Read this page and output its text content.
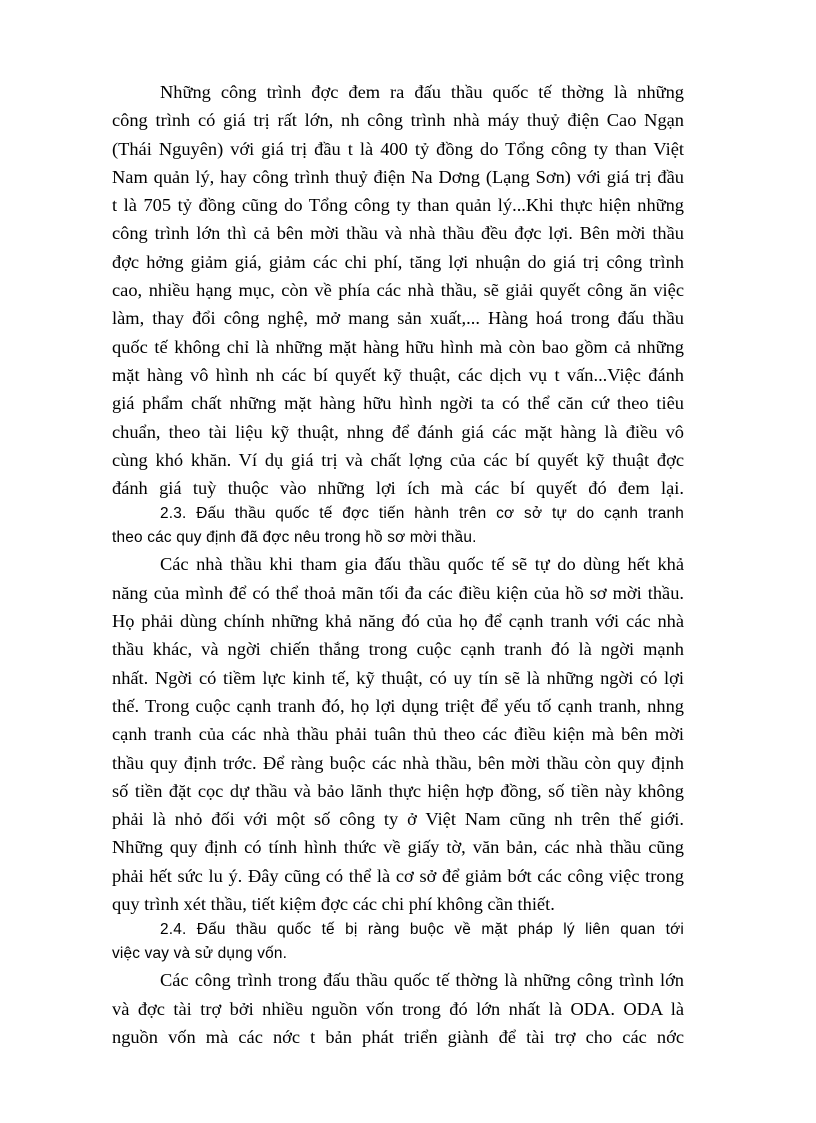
Những công trình đợc đem ra đấu thầu quốc tế thờng là những
công trình có giá trị rất lớn, nh công trình nhà máy thuỷ điện Cao Ngạn
(Thái Nguyên) với giá trị đầu t là 400 tỷ đồng do Tổng công ty than Việt
Nam quản lý, hay công trình thuỷ điện Na Dơng (Lạng Sơn) với giá trị đầu
t là 705 tỷ đồng cũng do Tổng công ty than quản lý...Khi thực hiện những
công trình lớn thì cả bên mời thầu và nhà thầu đều đợc lợi. Bên mời thầu
đợc hởng giảm giá, giảm các chi phí, tăng lợi nhuận do giá trị công trình
cao, nhiều hạng mục, còn về phía các nhà thầu, sẽ giải quyết công ăn việc
làm, thay đổi công nghệ, mở mang sản xuất,... Hàng hoá trong đấu thầu
quốc tế không chỉ là những mặt hàng hữu hình mà còn bao gồm cả những
mặt hàng vô hình nh các bí quyết kỹ thuật, các dịch vụ t vấn...Việc đánh
giá phẩm chất những mặt hàng hữu hình ngời ta có thể căn cứ theo tiêu
chuẩn, theo tài liệu kỹ thuật, nhng để đánh giá các mặt hàng là điều vô
cùng khó khăn. Ví dụ giá trị và chất lợng của các bí quyết kỹ thuật đợc
đánh giá tuỳ thuộc vào những lợi ích mà các bí quyết đó đem lại.
2.3. Đấu thầu quốc tế đợc tiến hành trên cơ sở tự do cạnh tranh
theo các quy định đã đợc nêu trong hồ sơ mời thầu.
Các nhà thầu khi tham gia đấu thầu quốc tế sẽ tự do dùng hết khả
năng của mình để có thể thoả mãn tối đa các điều kiện của hồ sơ mời thầu.
Họ phải dùng chính những khả năng đó của họ để cạnh tranh với các nhà
thầu khác, và ngời chiến thắng trong cuộc cạnh tranh đó là ngời mạnh
nhất. Ngời có tiềm lực kinh tế, kỹ thuật, có uy tín sẽ là những ngời có lợi
thế. Trong cuộc cạnh tranh đó, họ lợi dụng triệt để yếu tố cạnh tranh, nhng
cạnh tranh của các nhà thầu phải tuân thủ theo các điều kiện mà bên mời
thầu quy định trớc. Để ràng buộc các nhà thầu, bên mời thầu còn quy định
số tiền đặt cọc dự thầu và bảo lãnh thực hiện hợp đồng, số tiền này không
phải là nhỏ đối với một số công ty ở Việt Nam cũng nh trên thế giới.
Những quy định có tính hình thức về giấy tờ, văn bản, các nhà thầu cũng
phải hết sức lu ý. Đây cũng có thể là cơ sở để giảm bớt các công việc trong
quy trình xét thầu, tiết kiệm đợc các chi phí không cần thiết.
2.4. Đấu thầu quốc tế bị ràng buộc về mặt pháp lý liên quan tới
việc vay và sử dụng vốn.
Các công trình trong đấu thầu quốc tế thờng là những công trình lớn
và đợc tài trợ bởi nhiều nguồn vốn trong đó lớn nhất là ODA. ODA là
nguồn vốn mà các nớc t bản phát triển giành để tài trợ cho các nớc
